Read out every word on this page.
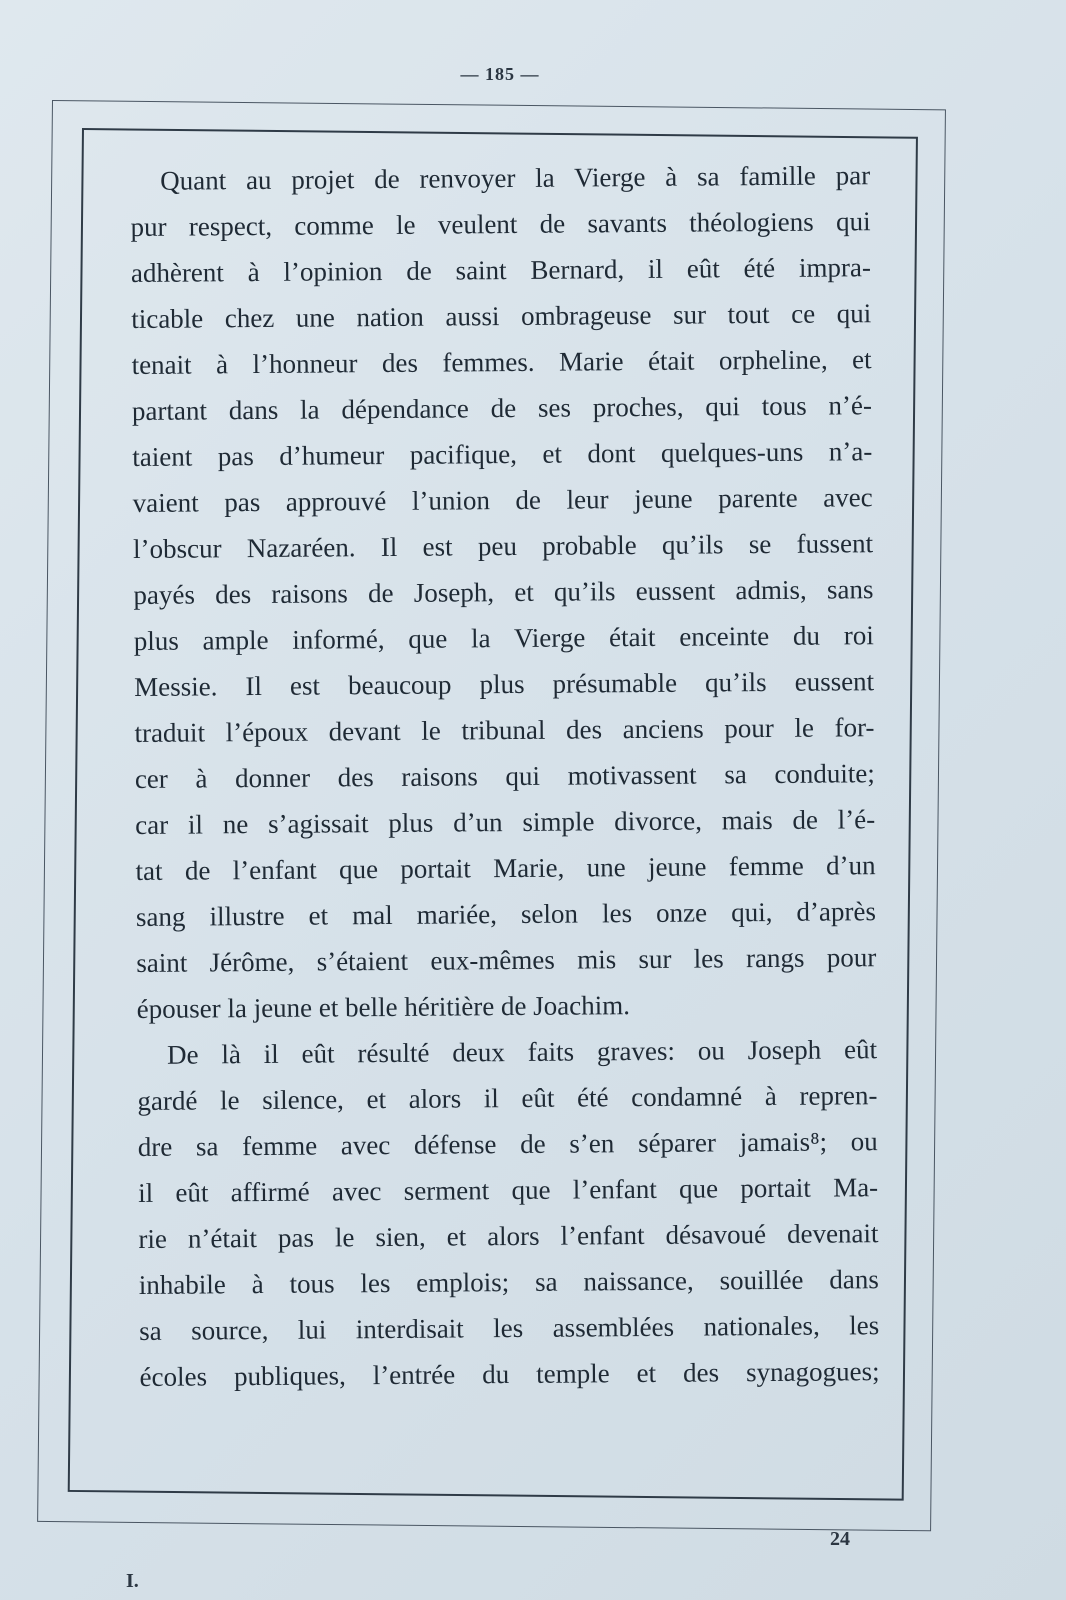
— 185 —
Quant au projet de renvoyer la Vierge à sa famille par
pur respect, comme le veulent de savants théologiens qui
adhèrent à l’opinion de saint Bernard, il eût été impra-
ticable chez une nation aussi ombrageuse sur tout ce qui
tenait à l’honneur des femmes. Marie était orpheline, et
partant dans la dépendance de ses proches, qui tous n’é-
taient pas d’humeur pacifique, et dont quelques-uns n’a-
vaient pas approuvé l’union de leur jeune parente avec
l’obscur Nazaréen. Il est peu probable qu’ils se fussent
payés des raisons de Joseph, et qu’ils eussent admis, sans
plus ample informé, que la Vierge était enceinte du roi
Messie. Il est beaucoup plus présumable qu’ils eussent
traduit l’époux devant le tribunal des anciens pour le for-
cer à donner des raisons qui motivassent sa conduite;
car il ne s’agissait plus d’un simple divorce, mais de l’é-
tat de l’enfant que portait Marie, une jeune femme d’un
sang illustre et mal mariée, selon les onze qui, d’après
saint Jérôme, s’étaient eux-mêmes mis sur les rangs pour
épouser la jeune et belle héritière de Joachim.
De là il eût résulté deux faits graves: ou Joseph eût
gardé le silence, et alors il eût été condamné à repren-
dre sa femme avec défense de s’en séparer jamais⁸; ou
il eût affirmé avec serment que l’enfant que portait Ma-
rie n’était pas le sien, et alors l’enfant désavoué devenait
inhabile à tous les emplois; sa naissance, souillée dans
sa source, lui interdisait les assemblées nationales, les
écoles publiques, l’entrée du temple et des synagogues;
24
I.
